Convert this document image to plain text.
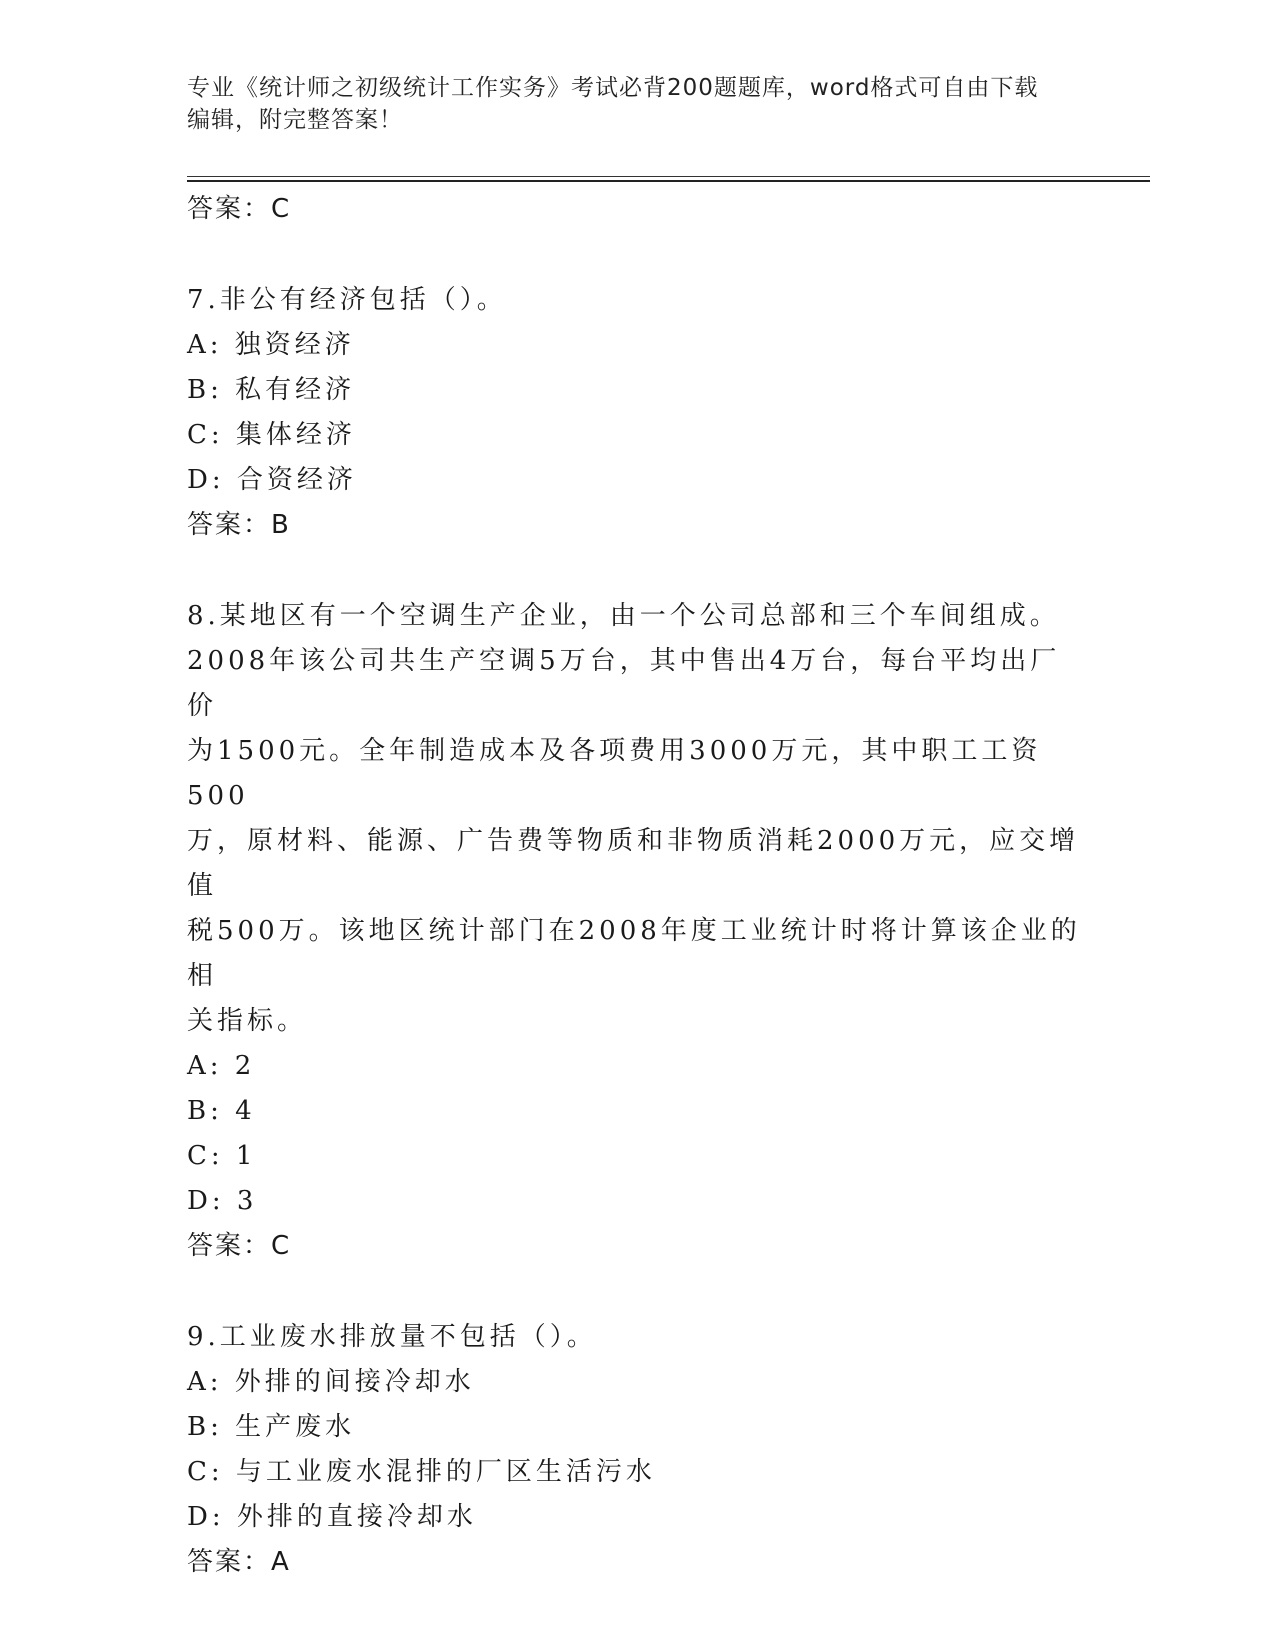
专业《统计师之初级统计工作实务》考试必背200题题库，word格式可自由下载
编辑，附完整答案！
答案：C
7.非公有经济包括（）。
A: 独资经济
B: 私有经济
C: 集体经济
D: 合资经济
答案：B
8.某地区有一个空调生产企业，由一个公司总部和三个车间组成。
2008年该公司共生产空调5万台，其中售出4万台，每台平均出厂价
为1500元。全年制造成本及各项费用3000万元，其中职工工资500
万，原材料、能源、广告费等物质和非物质消耗2000万元，应交增值
税500万。该地区统计部门在2008年度工业统计时将计算该企业的相
关指标。
A: 2
B: 4
C: 1
D: 3
答案：C
9.工业废水排放量不包括（）。
A: 外排的间接冷却水
B: 生产废水
C: 与工业废水混排的厂区生活污水
D: 外排的直接冷却水
答案：A
